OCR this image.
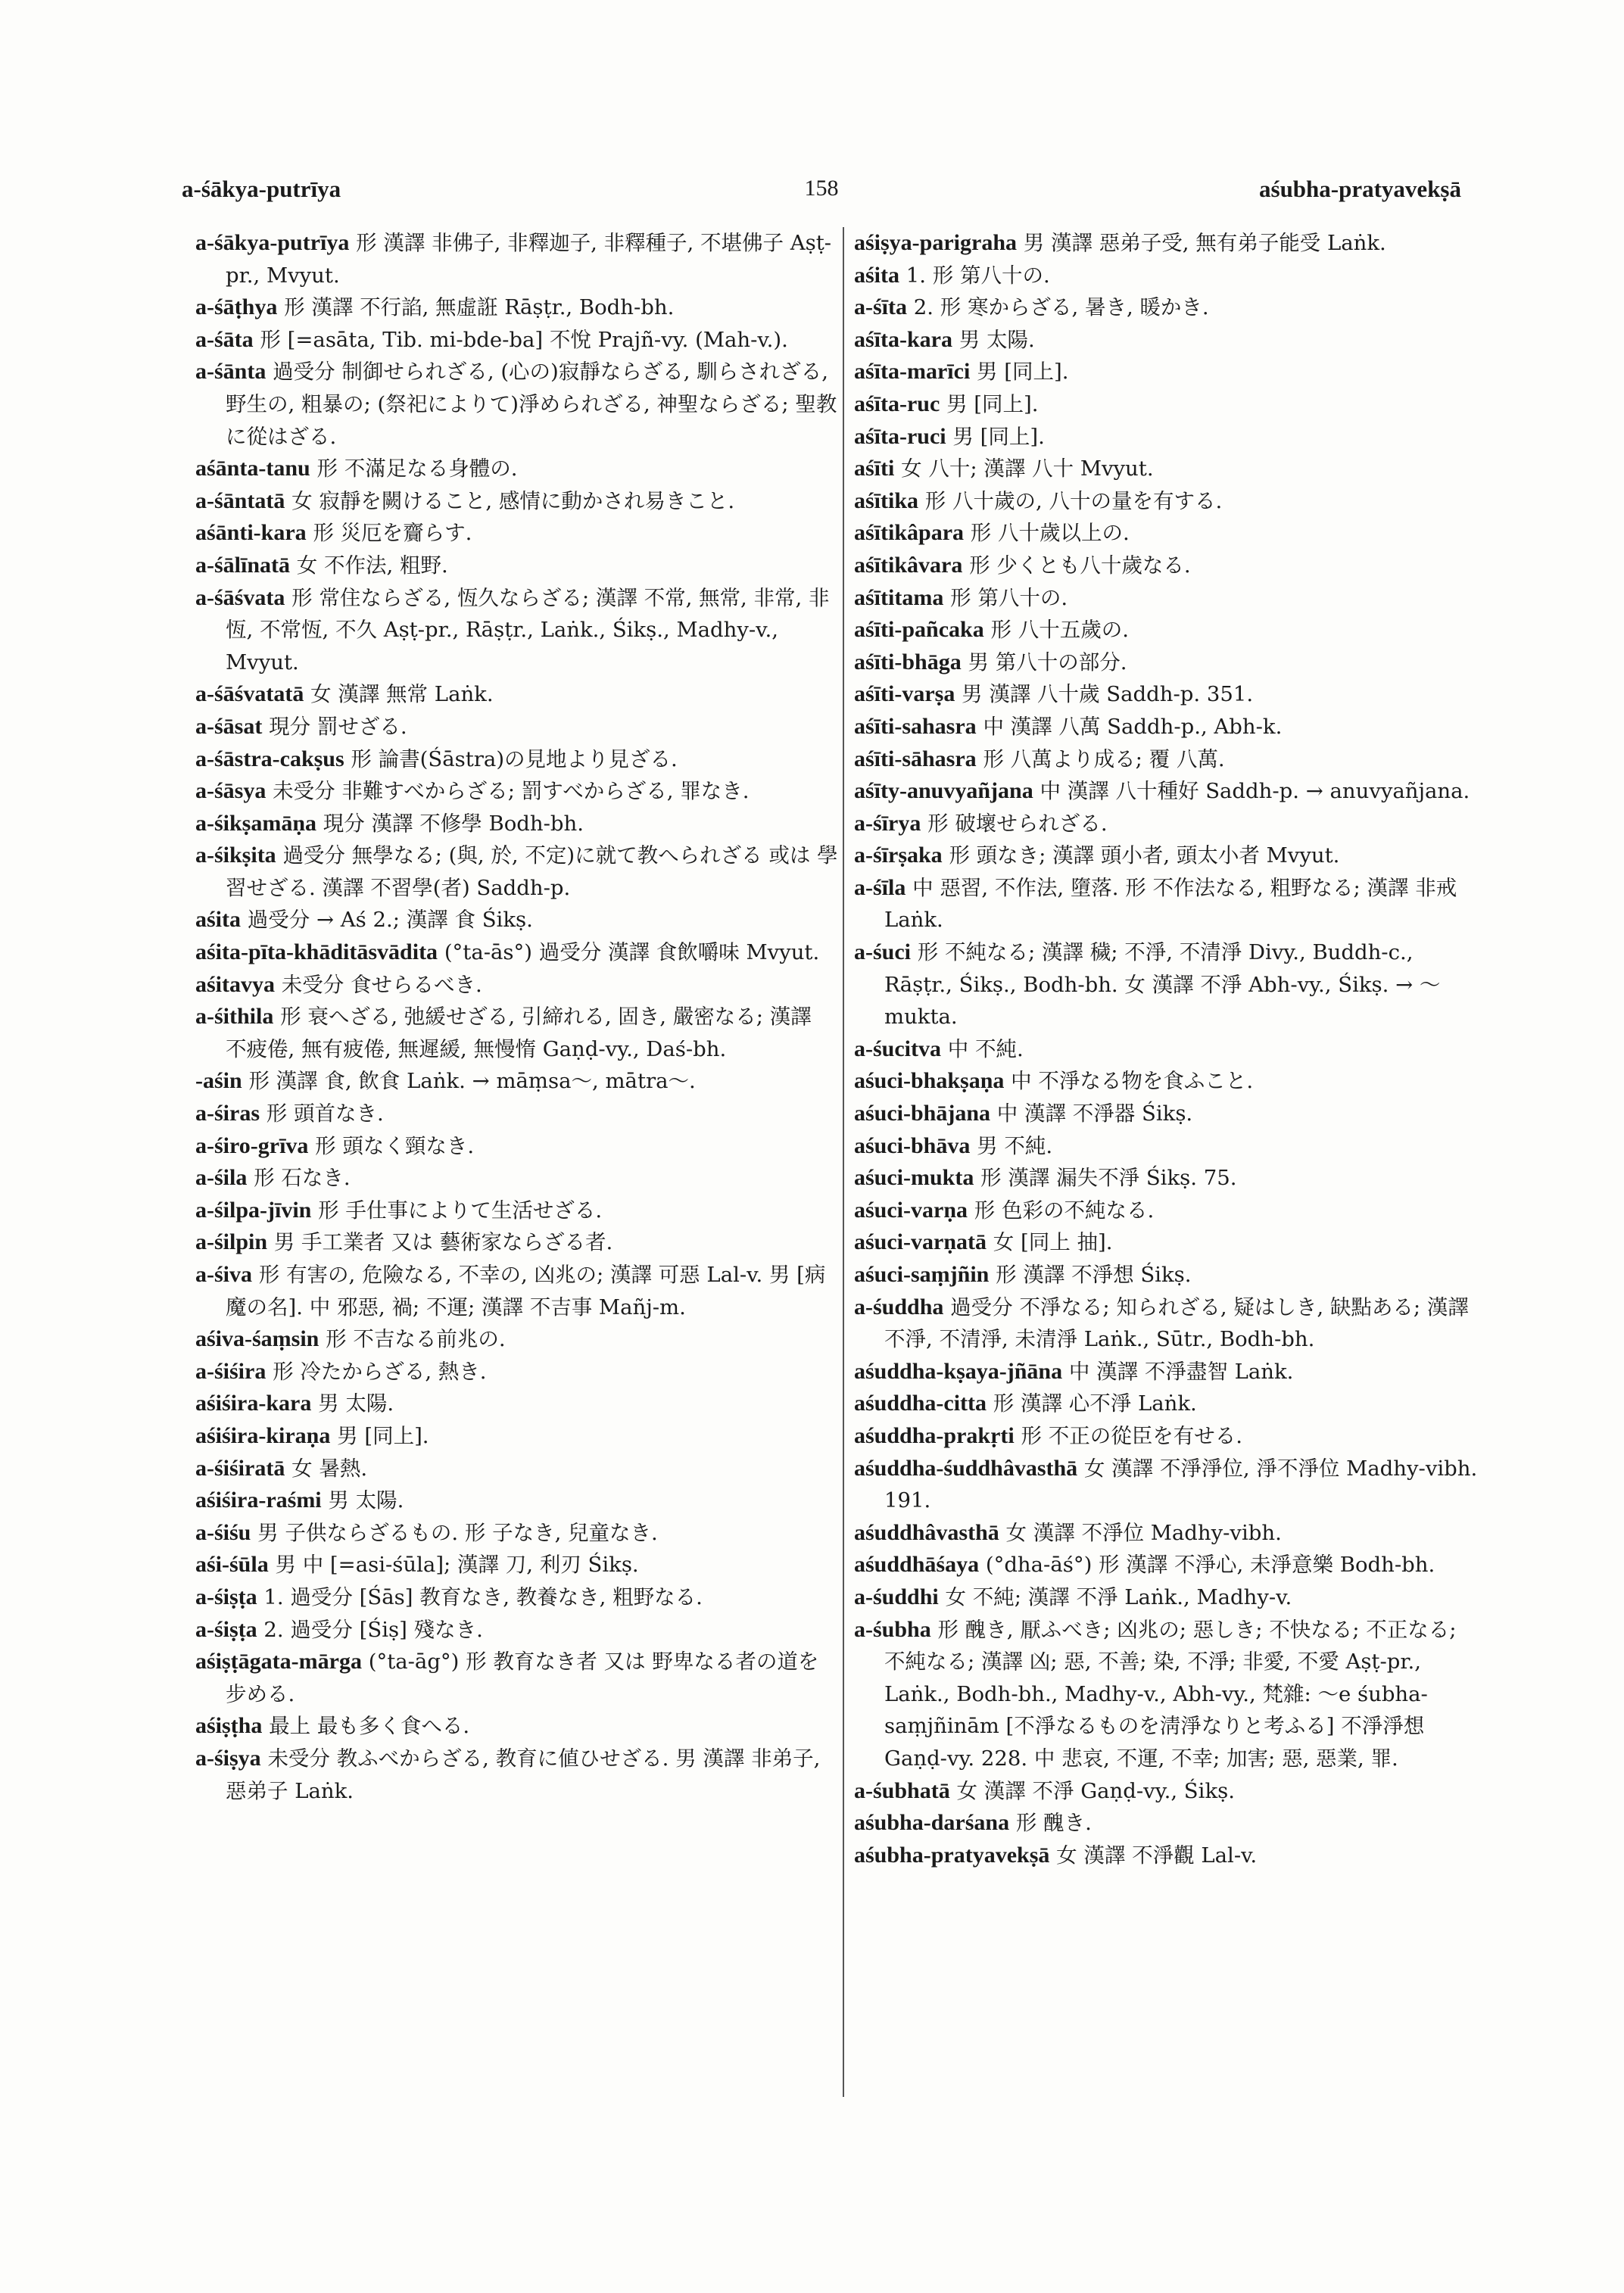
a-śākya-putrīya	158	aśubha-pratyavekṣā

a-śākya-putrīya 形 漢譯 非佛子, 非釋迦子, 非釋種子, 不堪佛子 Aṣṭ-pr., Mvyut.

a-śāṭhya 形 漢譯 不行諂, 無虛誑 Rāṣṭr., Bodh-bh.

a-śāta 形 [=asāta, Tib. mi-bde-ba] 不悅 Prajñ-vy. (Mah-v.).

a-śānta 過受分 制御せられざる, (心の)寂靜ならざる, 馴らされざる, 野生の, 粗暴の; (祭祀によりて)淨められざる, 神聖ならざる; 聖教に從はざる.

aśānta-tanu 形 不滿足なる身體の.

a-śāntatā 女 寂靜を闕けること, 感情に動かされ易きこと.

aśānti-kara 形 災厄を齎らす.

a-śālīnatā 女 不作法, 粗野.

a-śāśvata 形 常住ならざる, 恆久ならざる; 漢譯 不常, 無常, 非常, 非恆, 不常恆, 不久 Aṣṭ-pr., Rāṣṭr., Laṅk., Śikṣ., Madhy-v., Mvyut.

a-śāśvatatā 女 漢譯 無常 Laṅk.

a-śāsat 現分 罰せざる.

a-śāstra-cakṣus 形 論書(Śāstra)の見地より見ざる.

a-śāsya 未受分 非難すべからざる; 罰すべからざる, 罪なき.

a-śikṣamāṇa 現分 漢譯 不修學 Bodh-bh.

a-śikṣita 過受分 無學なる; (與, 於, 不定)に就て教へられざる 或は 學習せざる. 漢譯 不習學(者) Saddh-p.

aśita 過受分 → Aś 2.; 漢譯 食 Śikṣ.

aśita-pīta-khāditāsvādita (°ta-ās°) 過受分 漢譯 食飲嚼味 Mvyut.

aśitavya 未受分 食せらるべき.

a-śithila 形 衰へざる, 弛緩せざる, 引締れる, 固き, 嚴密なる; 漢譯 不疲倦, 無有疲倦, 無遲緩, 無慢惰 Gaṇḍ-vy., Daś-bh.

-aśin 形 漢譯 食, 飲食 Laṅk. → māṃsa〜, mātra〜.

a-śiras 形 頭首なき.

a-śiro-grīva 形 頭なく頸なき.

a-śila 形 石なき.

a-śilpa-jīvin 形 手仕事によりて生活せざる.

a-śilpin 男 手工業者 又は 藝術家ならざる者.

a-śiva 形 有害の, 危險なる, 不幸の, 凶兆の; 漢譯 可惡 Lal-v. 男 [病魔の名]. 中 邪惡, 禍; 不運; 漢譯 不吉事 Mañj-m.

aśiva-śaṃsin 形 不吉なる前兆の.

a-śiśira 形 冷たからざる, 熱き.

aśiśira-kara 男 太陽.

aśiśira-kiraṇa 男 [同上].

a-śiśiratā 女 暑熱.

aśiśira-raśmi 男 太陽.

a-śiśu 男 子供ならざるもの. 形 子なき, 兒童なき.

aśi-śūla 男 中 [=asi-śūla]; 漢譯 刀, 利刃 Śikṣ.

a-śiṣṭa 1. 過受分 [Śās] 教育なき, 教養なき, 粗野なる.

a-śiṣṭa 2. 過受分 [Śiṣ] 殘なき.

aśiṣṭāgata-mārga (°ta-āg°) 形 教育なき者 又は 野卑なる者の道を步める.

aśiṣṭha 最上 最も多く食へる.

a-śiṣya 未受分 教ふべからざる, 教育に値ひせざる. 男 漢譯 非弟子, 惡弟子 Laṅk.

aśiṣya-parigraha 男 漢譯 惡弟子受, 無有弟子能受 Laṅk.

aśita 1. 形 第八十の.

a-śīta 2. 形 寒からざる, 暑き, 暖かき.

aśīta-kara 男 太陽.

aśīta-marīci 男 [同上].

aśīta-ruc 男 [同上].

aśīta-ruci 男 [同上].

aśīti 女 八十; 漢譯 八十 Mvyut.

aśītika 形 八十歲の, 八十の量を有する.

aśītikâpara 形 八十歲以上の.

aśītikâvara 形 少くとも八十歲なる.

aśītitama 形 第八十の.

aśīti-pañcaka 形 八十五歲の.

aśīti-bhāga 男 第八十の部分.

aśīti-varṣa 男 漢譯 八十歲 Saddh-p. 351.

aśīti-sahasra 中 漢譯 八萬 Saddh-p., Abh-k.

aśīti-sāhasra 形 八萬より成る; 覆 八萬.

aśīty-anuvyañjana 中 漢譯 八十種好 Saddh-p. → anuvyañjana.

a-śīrya 形 破壞せられざる.

a-śīrṣaka 形 頭なき; 漢譯 頭小者, 頭太小者 Mvyut.

a-śīla 中 惡習, 不作法, 墮落. 形 不作法なる, 粗野なる; 漢譯 非戒 Laṅk.

a-śuci 形 不純なる; 漢譯 穢; 不淨, 不清淨 Divy., Buddh-c., Rāṣṭr., Śikṣ., Bodh-bh. 女 漢譯 不淨 Abh-vy., Śikṣ. → 〜mukta.

a-śucitva 中 不純.

aśuci-bhakṣaṇa 中 不淨なる物を食ふこと.

aśuci-bhājana 中 漢譯 不淨器 Śikṣ.

aśuci-bhāva 男 不純.

aśuci-mukta 形 漢譯 漏失不淨 Śikṣ. 75.

aśuci-varṇa 形 色彩の不純なる.

aśuci-varṇatā 女 [同上 抽].

aśuci-saṃjñin 形 漢譯 不淨想 Śikṣ.

a-śuddha 過受分 不淨なる; 知られざる, 疑はしき, 缺點ある; 漢譯 不淨, 不清淨, 未清淨 Laṅk., Sūtr., Bodh-bh.

aśuddha-kṣaya-jñāna 中 漢譯 不淨盡智 Laṅk.

aśuddha-citta 形 漢譯 心不淨 Laṅk.

aśuddha-prakṛti 形 不正の從臣を有せる.

aśuddha-śuddhâvasthā 女 漢譯 不淨淨位, 淨不淨位 Madhy-vibh. 191.

aśuddhâvasthā 女 漢譯 不淨位 Madhy-vibh.

aśuddhāśaya (°dha-āś°) 形 漢譯 不淨心, 未淨意樂 Bodh-bh.

a-śuddhi 女 不純; 漢譯 不淨 Laṅk., Madhy-v.

a-śubha 形 醜き, 厭ふべき; 凶兆の; 惡しき; 不快なる; 不正なる; 不純なる; 漢譯 凶; 惡, 不善; 染, 不淨; 非愛, 不愛 Aṣṭ-pr., Laṅk., Bodh-bh., Madhy-v., Abh-vy., 梵雜: 〜e śubha-saṃjñinām [不淨なるものを淸淨なりと考ふる] 不淨淨想 Gaṇḍ-vy. 228. 中 悲哀, 不運, 不幸; 加害; 惡, 惡業, 罪.

a-śubhatā 女 漢譯 不淨 Gaṇḍ-vy., Śikṣ.

aśubha-darśana 形 醜き.

aśubha-pratyavekṣā 女 漢譯 不淨觀 Lal-v.
